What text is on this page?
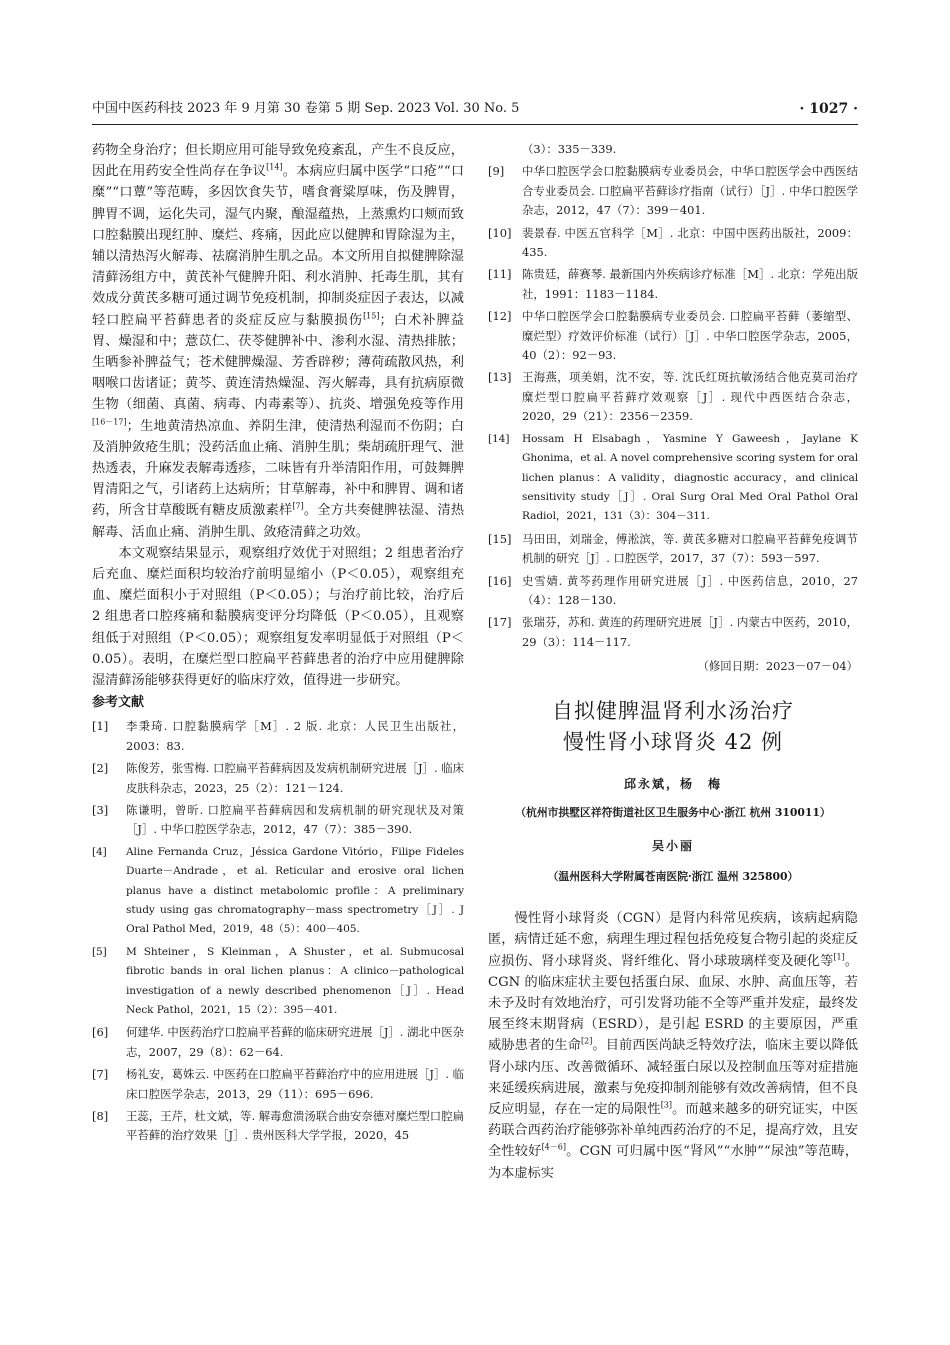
中国中医药科技 2023 年 9 月第 30 卷第 5 期 Sep. 2023 Vol. 30 No. 5	· 1027 ·

药物全身治疗；但长期应用可能导致免疫紊乱，产生不良反应，因此在用药安全性尚存在争议[14]。本病应归属中医学“口疮”“口糜”“口蕈”等范畴，多因饮食失节，嗜食膏粱厚味，伤及脾胃，脾胃不调，运化失司，湿气内聚，酿湿蕴热，上蒸熏灼口颊而致口腔黏膜出现红肿、糜烂、疼痛，因此应以健脾和胃除湿为主，辅以清热泻火解毒、祛腐消肿生肌之品。本文所用自拟健脾除湿清藓汤组方中，黄芪补气健脾升阳、利水消肿、托毒生肌，其有效成分黄芪多糖可通过调节免疫机制，抑制炎症因子表达，以减轻口腔扁平苔藓患者的炎症反应与黏膜损伤[15]；白术补脾益胃、燥湿和中；薏苡仁、茯苓健脾补中、渗利水湿、清热排脓；生晒参补脾益气；苍术健脾燥湿、芳香辟秽；薄荷疏散风热，利咽喉口齿诸证；黄芩、黄连清热燥湿、泻火解毒，具有抗病原微生物（细菌、真菌、病毒、内毒素等）、抗炎、增强免疫等作用[16－17]；生地黄清热凉血、养阴生津，使清热利湿而不伤阴；白及消肿敛疮生肌；没药活血止痛、消肿生肌；柴胡疏肝理气、泄热透表，升麻发表解毒透疹，二味皆有升举清阳作用，可鼓舞脾胃清阳之气，引诸药上达病所；甘草解毒，补中和脾胃、调和诸药，所含甘草酸既有糖皮质激素样[7]。全方共奏健脾祛湿、清热解毒、活血止痛、消肿生肌、敛疮清藓之功效。

本文观察结果显示，观察组疗效优于对照组；2 组患者治疗后充血、糜烂面积均较治疗前明显缩小（P＜0.05），观察组充血、糜烂面积小于对照组（P＜0.05）；与治疗前比较，治疗后 2 组患者口腔疼痛和黏膜病变评分均降低（P＜0.05），且观察组低于对照组（P＜0.05）；观察组复发率明显低于对照组（P＜0.05）。表明，在糜烂型口腔扁平苔藓患者的治疗中应用健脾除湿清藓汤能够获得更好的临床疗效，值得进一步研究。

参考文献
[1] 李秉琦. 口腔黏膜病学［M］. 2 版. 北京：人民卫生出版社，2003：83.
[2] 陈俊芳，张雪梅. 口腔扁平苔藓病因及发病机制研究进展［J］. 临床皮肤科杂志，2023，25（2）：121－124.
[3] 陈谦明，曾昕. 口腔扁平苔藓病因和发病机制的研究现状及对策［J］. 中华口腔医学杂志，2012，47（7）：385－390.
[4] Aline Fernanda Cruz，Jéssica Gardone Vitório，Filipe Fideles Duarte－Andrade，et al. Reticular and erosive oral lichen planus have a distinct metabolomic profile：A preliminary study using gas chromatography－mass spectrometry［J］. J Oral Pathol Med，2019，48（5）：400－405.
[5] M Shteiner，S Kleinman，A Shuster，et al. Submucosal fibrotic bands in oral lichen planus：A clinico－pathological investigation of a newly described phenomenon［J］. Head Neck Pathol，2021，15（2）：395－401.
[6] 何建华. 中医药治疗口腔扁平苔藓的临床研究进展［J］. 湖北中医杂志，2007，29（8）：62－64.
[7] 杨礼安，葛姝云. 中医药在口腔扁平苔藓治疗中的应用进展［J］. 临床口腔医学杂志，2013，29（11）：695－696.
[8] 王蕊，王芹，杜文斌，等. 解毒愈溃汤联合曲安奈德对糜烂型口腔扁平苔藓的治疗效果［J］. 贵州医科大学学报，2020，45
（3）：335－339.
[9] 中华口腔医学会口腔黏膜病专业委员会，中华口腔医学会中西医结合专业委员会. 口腔扁平苔藓诊疗指南（试行）［J］. 中华口腔医学杂志，2012，47（7）：399－401.
[10] 裴景春. 中医五官科学［M］. 北京：中国中医药出版社，2009：435.
[11] 陈贵廷，薛赛琴. 最新国内外疾病诊疗标准［M］. 北京：学苑出版社，1991：1183－1184.
[12] 中华口腔医学会口腔黏膜病专业委员会. 口腔扁平苔藓（萎缩型、糜烂型）疗效评价标准（试行）［J］. 中华口腔医学杂志，2005，40（2）：92－93.
[13] 王海燕，项美娟，沈不安，等. 沈氏红斑抗敏汤结合他克莫司治疗糜烂型口腔扁平苔藓疗效观察［J］. 现代中西医结合杂志，2020，29（21）：2356－2359.
[14] Hossam H Elsabagh，Yasmine Y Gaweesh，Jaylane K Ghonima，et al. A novel comprehensive scoring system for oral lichen planus：A validity，diagnostic accuracy，and clinical sensitivity study［J］. Oral Surg Oral Med Oral Pathol Oral Radiol，2021，131（3）：304－311.
[15] 马田田，刘瑞金，傅淞滨，等. 黄芪多糖对口腔扁平苔藓免疫调节机制的研究［J］. 口腔医学，2017，37（7）：593－597.
[16] 史雪婧. 黄芩药理作用研究进展［J］. 中医药信息，2010，27（4）：128－130.
[17] 张瑞芬，苏和. 黄连的药理研究进展［J］. 内蒙古中医药，2010，29（3）：114－117.
（修回日期：2023－07－04）
自拟健脾温肾利水汤治疗
慢性肾小球肾炎 42 例
邱永斌，杨　梅
（杭州市拱墅区祥符街道社区卫生服务中心·浙江 杭州 310011）
吴小丽
（温州医科大学附属苍南医院·浙江 温州 325800）

慢性肾小球肾炎（CGN）是肾内科常见疾病，该病起病隐匿，病情迁延不愈，病理生理过程包括免疫复合物引起的炎症反应损伤、肾小球肾炎、肾纤维化、肾小球玻璃样变及硬化等[1]。CGN 的临床症状主要包括蛋白尿、血尿、水肿、高血压等，若未予及时有效地治疗，可引发肾功能不全等严重并发症，最终发展至终末期肾病（ESRD），是引起 ESRD 的主要原因，严重威胁患者的生命[2]。目前西医尚缺乏特效疗法，临床主要以降低肾小球内压、改善微循环、减轻蛋白尿以及控制血压等对症措施来延缓疾病进展，激素与免疫抑制剂能够有效改善病情，但不良反应明显，存在一定的局限性[3]。而越来越多的研究证实，中医药联合西药治疗能够弥补单纯西药治疗的不足，提高疗效，且安全性较好[4－6]。CGN 可归属中医“肾风”“水肿”“尿浊”等范畴，为本虚标实
